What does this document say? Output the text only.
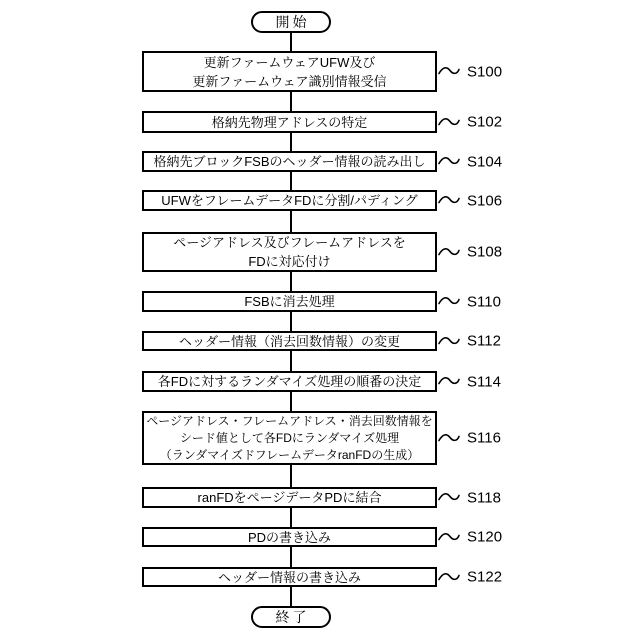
開始
更新ファームウェアUFW及び
更新ファームウェア識別情報受信
S100
格納先物理アドレスの特定	S102
格納先ブロックFSBのヘッダー情報の読み出し	S104
UFWをフレームデータFDに分割/パディング	S106
ページアドレス及びフレームアドレスを
FDに対応付け
S108
FSBに消去処理	S110
ヘッダー情報（消去回数情報）の変更	S112
各FDに対するランダマイズ処理の順番の決定	S114
ページアドレス・フレームアドレス・消去回数情報を
シード値として各FDにランダマイズ処理
（ランダマイズドフレームデータranFDの生成）
S116
ranFDをページデータPDに結合	S118
PDの書き込み	S120
ヘッダー情報の書き込み	S122
終了
